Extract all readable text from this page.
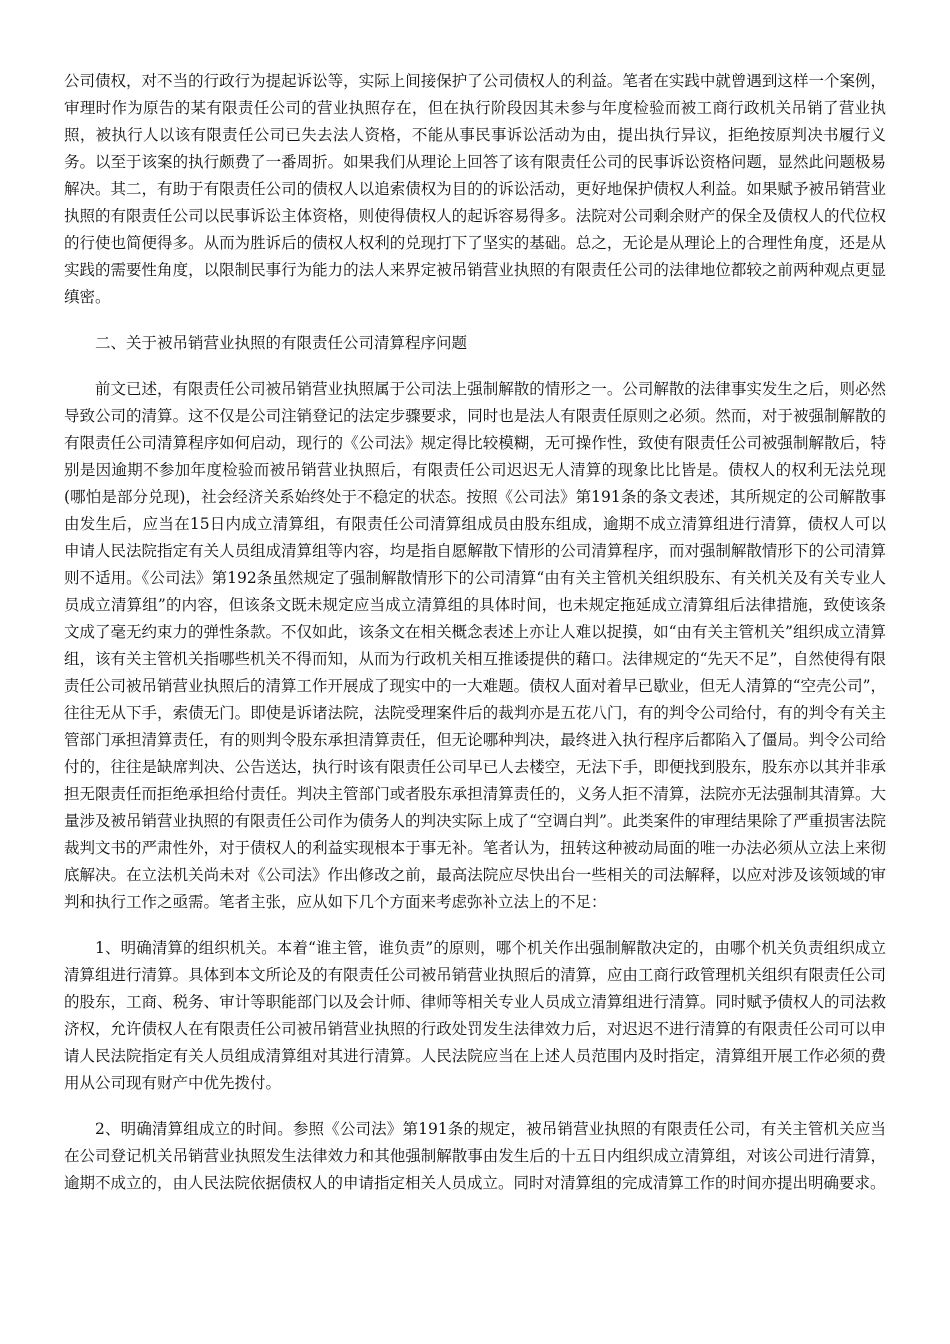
公司债权，对不当的行政行为提起诉讼等，实际上间接保护了公司债权人的利益。笔者在实践中就曾遇到这样一个案例，审理时作为原告的某有限责任公司的营业执照存在，但在执行阶段因其未参与年度检验而被工商行政机关吊销了营业执照，被执行人以该有限责任公司已失去法人资格，不能从事民事诉讼活动为由，提出执行异议，拒绝按原判决书履行义务。以至于该案的执行颇费了一番周折。如果我们从理论上回答了该有限责任公司的民事诉讼资格问题，显然此问题极易解决。其二，有助于有限责任公司的债权人以追索债权为目的的诉讼活动，更好地保护债权人利益。如果赋予被吊销营业执照的有限责任公司以民事诉讼主体资格，则使得债权人的起诉容易得多。法院对公司剩余财产的保全及债权人的代位权的行使也简便得多。从而为胜诉后的债权人权利的兑现打下了坚实的基础。总之，无论是从理论上的合理性角度，还是从实践的需要性角度，以限制民事行为能力的法人来界定被吊销营业执照的有限责任公司的法律地位都较之前两种观点更显缜密。

二、关于被吊销营业执照的有限责任公司清算程序问题

前文已述，有限责任公司被吊销营业执照属于公司法上强制解散的情形之一。公司解散的法律事实发生之后，则必然导致公司的清算。这不仅是公司注销登记的法定步骤要求，同时也是法人有限责任原则之必须。然而，对于被强制解散的有限责任公司清算程序如何启动，现行的《公司法》规定得比较模糊，无可操作性，致使有限责任公司被强制解散后，特别是因逾期不参加年度检验而被吊销营业执照后，有限责任公司迟迟无人清算的现象比比皆是。债权人的权利无法兑现(哪怕是部分兑现)，社会经济关系始终处于不稳定的状态。按照《公司法》第191条的条文表述，其所规定的公司解散事由发生后，应当在15日内成立清算组，有限责任公司清算组成员由股东组成，逾期不成立清算组进行清算，债权人可以申请人民法院指定有关人员组成清算组等内容，均是指自愿解散下情形的公司清算程序，而对强制解散情形下的公司清算则不适用。《公司法》第192条虽然规定了强制解散情形下的公司清算“由有关主管机关组织股东、有关机关及有关专业人员成立清算组”的内容，但该条文既未规定应当成立清算组的具体时间，也未规定拖延成立清算组后法律措施，致使该条文成了毫无约束力的弹性条款。不仅如此，该条文在相关概念表述上亦让人难以捉摸，如“由有关主管机关”组织成立清算组，该有关主管机关指哪些机关不得而知，从而为行政机关相互推诿提供的藉口。法律规定的“先天不足”，自然使得有限责任公司被吊销营业执照后的清算工作开展成了现实中的一大难题。债权人面对着早已歇业，但无人清算的“空壳公司”，往往无从下手，索债无门。即使是诉诸法院，法院受理案件后的裁判亦是五花八门，有的判令公司给付，有的判令有关主管部门承担清算责任，有的则判令股东承担清算责任，但无论哪种判决，最终进入执行程序后都陷入了僵局。判令公司给付的，往往是缺席判决、公告送达，执行时该有限责任公司早已人去楼空，无法下手，即便找到股东，股东亦以其并非承担无限责任而拒绝承担给付责任。判决主管部门或者股东承担清算责任的，义务人拒不清算，法院亦无法强制其清算。大量涉及被吊销营业执照的有限责任公司作为债务人的判决实际上成了“空调白判”。此类案件的审理结果除了严重损害法院裁判文书的严肃性外，对于债权人的利益实现根本于事无补。笔者认为，扭转这种被动局面的唯一办法必须从立法上来彻底解决。在立法机关尚未对《公司法》作出修改之前，最高法院应尽快出台一些相关的司法解释，以应对涉及该领域的审判和执行工作之亟需。笔者主张，应从如下几个方面来考虑弥补立法上的不足：

1、明确清算的组织机关。本着“谁主管，谁负责”的原则，哪个机关作出强制解散决定的，由哪个机关负责组织成立清算组进行清算。具体到本文所论及的有限责任公司被吊销营业执照后的清算，应由工商行政管理机关组织有限责任公司的股东，工商、税务、审计等职能部门以及会计师、律师等相关专业人员成立清算组进行清算。同时赋予债权人的司法救济权，允许债权人在有限责任公司被吊销营业执照的行政处罚发生法律效力后，对迟迟不进行清算的有限责任公司可以申请人民法院指定有关人员组成清算组对其进行清算。人民法院应当在上述人员范围内及时指定，清算组开展工作必须的费用从公司现有财产中优先拨付。

2、明确清算组成立的时间。参照《公司法》第191条的规定，被吊销营业执照的有限责任公司，有关主管机关应当在公司登记机关吊销营业执照发生法律效力和其他强制解散事由发生后的十五日内组织成立清算组，对该公司进行清算，逾期不成立的，由人民法院依据债权人的申请指定相关人员成立。同时对清算组的完成清算工作的时间亦提出明确要求。
